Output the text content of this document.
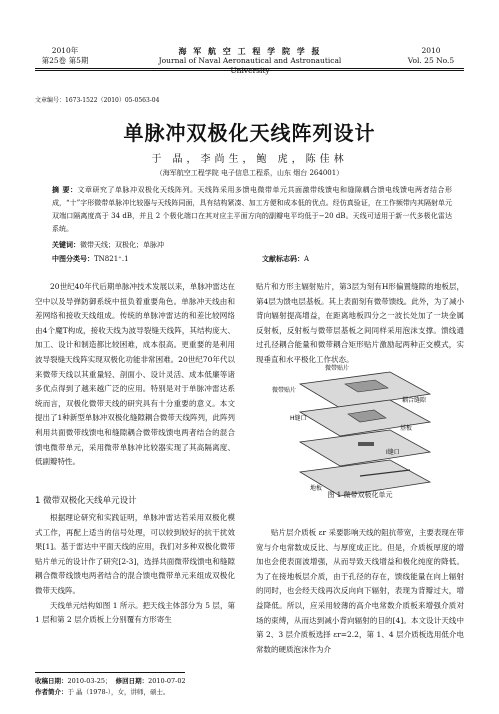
2010年
第25卷 第5期
海 军 航 空 工 程 学 院 学 报
Journal of Naval Aeronautical and Astronautical University
2010
Vol. 25 No.5
文章编号：1673-1522（2010）05-0563-04
单脉冲双极化天线阵列设计
于 晶，李尚生，鲍 虎，陈佳林
（海军航空工程学院 电子信息工程系，山东 烟台 264001）
摘 要：文章研究了单脉冲双极化天线阵列。天线阵采用多馈电微带单元共面激带线馈电和缝隙耦合馈电线馈电两者结合形成，“十”字形微带单脉冲比较器与天线阵同面，具有结构紧凑、加工方便和成本低的优点。经仿真验证，在工作频带内其隔射单元双端口隔离度高于 34 dB，并且 2 个极化端口在其对应主平面方向的副瓣电平均低于−20 dB。天线可适用于新一代多极化雷达系统。
关键词：微带天线；双极化；单脉冲
中图分类号：TN821⁺.1	文献标志码：A

20世纪40年代后期单脉冲技术发展以来，单脉冲雷达在空中以及导弹防御系统中扭负着重要角色。单脉冲天线由和差网络和接收天线组成。传统的单脉冲雷达的和差比较网络由4个魔T构成，接收天线为波导裂缝天线阵，其结构庞大、加工、设计和制造都比较困难，成本很高。更重要的是利用波导裂缝天线阵实现双极化功能非常困难。20世纪70年代以来微带天线以其重量轻、剖面小、设计灵活、成本低廉等诸多优点得到了越来越广泛的应用。特别是对于单脉冲雷达系统而言，双极化微带天线的研究具有十分重要的意义。本文提出了1种新型单脉冲双极化缝隙耦合微带天线阵列，此阵列利用共面微带线馈电和缝隙耦合微带线馈电两者结合的混合馈电微带单元，采用微带单脉冲比较器实现了其高隔离度、低副瓣特性。

贴片和方形主辐射贴片，第3层为刻有H形偏置缝隙的地板层，第4层为馈电层基板。其上表面刻有微带馈线。此外，为了减小背向辐射提高增益，在距离地板四分之一波长处加了一块金属反射板，反射板与微带层基板之间同样采用泡沫支撑。馈线通过孔径耦合能量和微带耦合矩形贴片激励起两种正交模式，实现垂直和水平极化工作状态。

微带贴片
微带贴片
H缝口
耦合缝隙
基板
I缝口
地板
图 1 微带双极化单元
1 微带双极化天线单元设计

根据理论研究和实践证明，单脉冲雷达若采用双极化模式工作，再配上适当的信号处理，可以较到较好的抗干扰效果[1]。基于雷达中平面天线的应用，我们对多种双极化微带贴片单元的设计作了研究[2-3]，选择共面微带线馈电和缝隙耦合微带线馈电两者结合的混合馈电微带单元来组成双极化微带天线阵。

天线单元结构如图 1 所示。把天线主体部分为 5 层，第 1 层和第 2 层介质板上分别覆有方形寄生

贴片层介质板 εr 采要影响天线的阻抗带宽，主要表现在带宽与介电常数成反比、与厚度成正比。但是，介质板厚度的增加也会使表面波增强，从而导致天线增益和极化纯度的降低。为了在接地板层介质，由于孔径的存在，馈线能量在向上辐射的同时，也会经天线再次反向向下辐射，表现为背瓣过大，增益降低。所以，应采用较薄的高介电常数介质板来增强介质对场的束缚，从而达到减小背向辐射的目的[4]。本文设计天线中第 2、3 层介质板选择 εr=2.2，第 1、4 层介质板选用低介电常数的硬质泡沫作为介

收稿日期：2010-03-25； 修回日期：2010-07-02
作者简介：于 晶（1978-），女，讲师，硕士。
